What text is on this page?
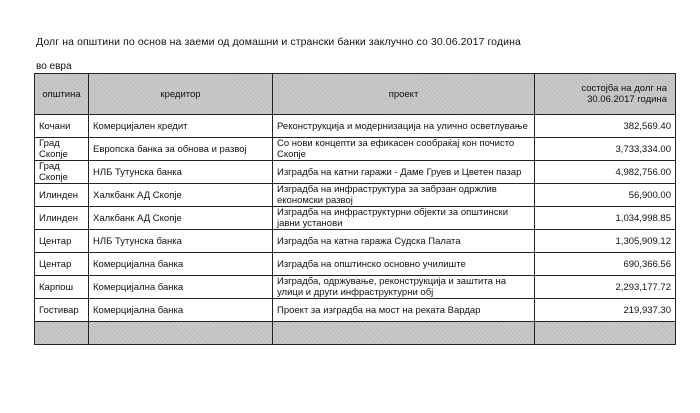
Долг на општини по основ на заеми од домашни и странски банки заклучно со 30.06.2017 година
во евра
општина	кредитор	проект	состојба на долг на 30.06.2017 година
Кочани	Комерцијален кредит	Реконструкција и модернизација на улично осветлување	382,569.40
Град Скопје	Европска банка за обнова и развој	Со нови концепти за ефикасен сообраќај кон почисто Скопје	3,733,334.00
Град Скопје	НЛБ Тутунска банка	Изградба на катни гаражи - Даме Груев и Цветен пазар	4,982,756.00
Илинден	Халкбанк АД Скопје	Изградба на инфраструктура за забрзан одржлив економски развој	56,900.00
Илинден	Халкбанк АД Скопје	Изградба на инфраструктурни објекти за општински јавни установи	1,034,998.85
Центар	НЛБ Тутунска банка	Изградба на катна гаража Судска Палата	1,305,909.12
Центар	Комерцијална банка	Изградба на општинско основно училиште	690,366.56
Карпош	Комерцијална банка	Изградба, одржување, реконструкција и заштита на улици и други инфраструктурни обј	2,293,177.72
Гостивар	Комерцијална банка	Проект за изградба на мост на реката Вардар	219,937.30
